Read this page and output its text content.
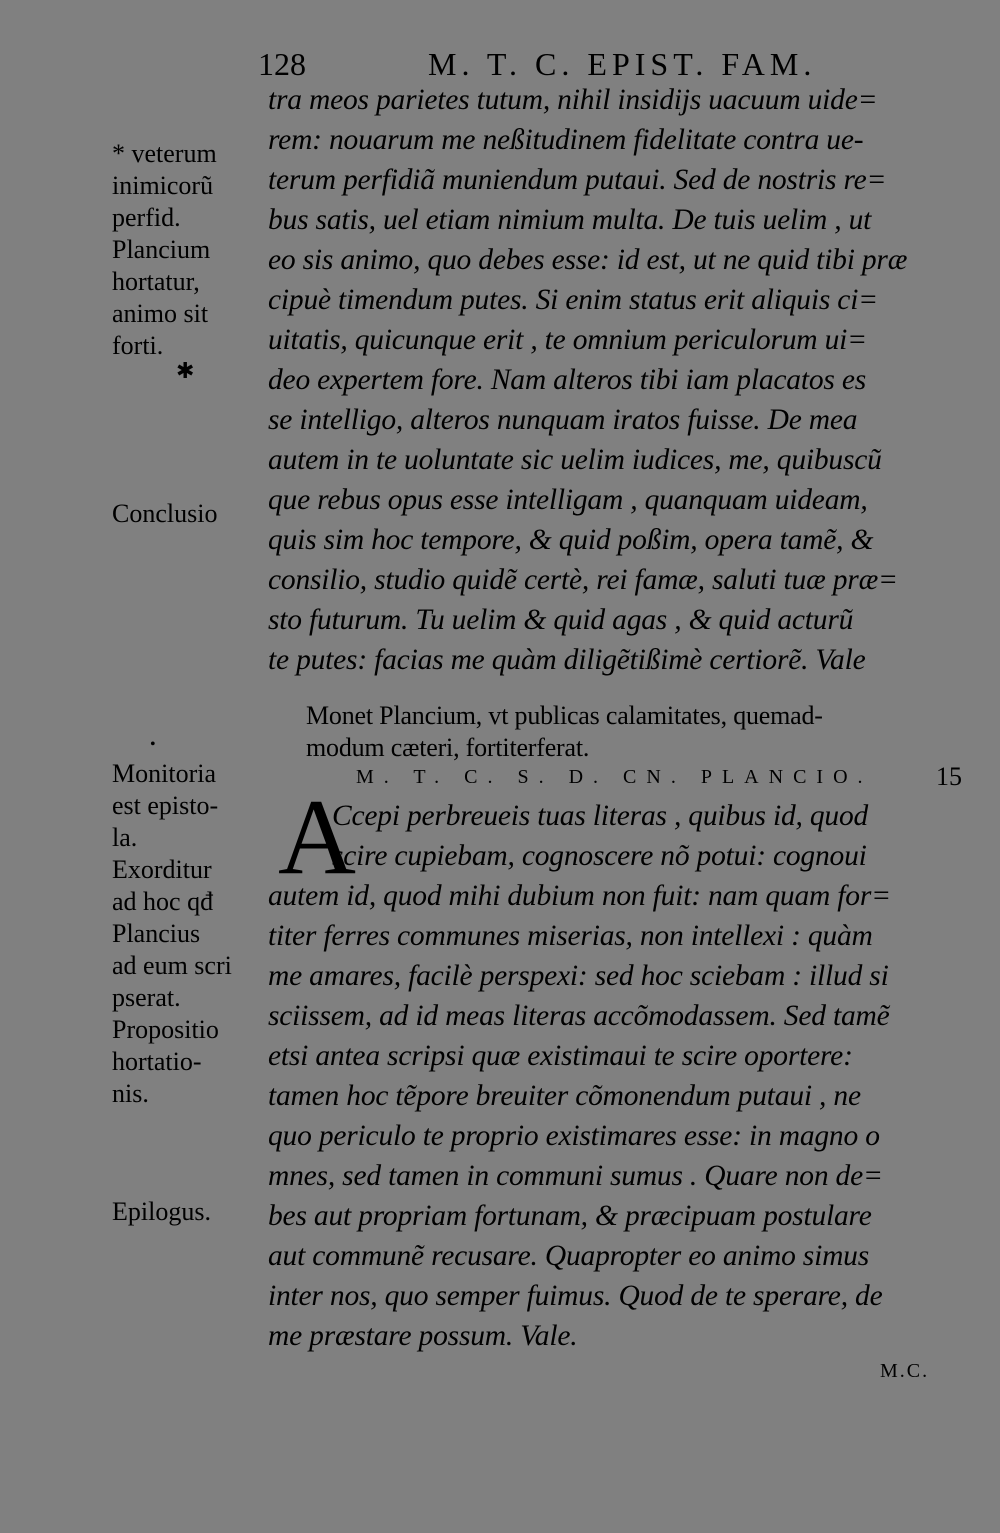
128	M. T. C. EPIST. FAM.
* veterum
inimicorũ
perfid.
Plancium
hortatur,
animo sit
forti.
✱
Conclusio
•
Monitoria
est episto-
la.
Exorditur
ad hoc qđ
Plancius
ad eum scri
pserat.
Propositio
hortatio-
nis.
Epilogus.
tra meos parietes tutum, nihil insidijs uacuum uide=
rem: nouarum me neßitudinem fidelitate contra ue-
terum perfidiã muniendum putaui. Sed de nostris re=
bus satis, uel etiam nimium multa. De tuis uelim , ut
eo sis animo, quo debes esse: id est, ut ne quid tibi præ
cipuè timendum putes. Si enim status erit aliquis ci=
uitatis, quicunque erit , te omnium periculorum ui=
deo expertem fore. Nam alteros tibi iam placatos es
se intelligo, alteros nunquam iratos fuisse. De mea
autem in te uoluntate sic uelim iudices, me, quibuscũ
que rebus opus esse intelligam , quanquam uideam,
quis sim hoc tempore, & quid poßim, opera tamẽ, &
consilio, studio quidẽ certè, rei famæ, saluti tuæ præ=
sto futurum. Tu uelim & quid agas , & quid acturũ
te putes: facias me quàm diligẽtißimè certiorẽ. Vale
Monet Plancium, vt publicas calamitates, quemad-
modum cæteri, fortiterferat.
M. T. C. S. D. CN. PLANCIO. 15
A
Ccepi perbreueis tuas literas , quibus id, quod
scire cupiebam, cognoscere nõ potui: cognoui
autem id, quod mihi dubium non fuit: nam quam for=
titer ferres communes miserias, non intellexi : quàm
me amares, facilè perspexi: sed hoc sciebam : illud si
sciissem, ad id meas literas accõmodassem. Sed tamẽ
etsi antea scripsi quæ existimaui te scire oportere:
tamen hoc tẽpore breuiter cõmonendum putaui , ne
quo periculo te proprio existimares esse: in magno o
mnes, sed tamen in communi sumus . Quare non de=
bes aut propriam fortunam, & præcipuam postulare
aut communẽ recusare. Quapropter eo animo simus
inter nos, quo semper fuimus. Quod de te sperare, de
me præstare possum. Vale.
M.C.
